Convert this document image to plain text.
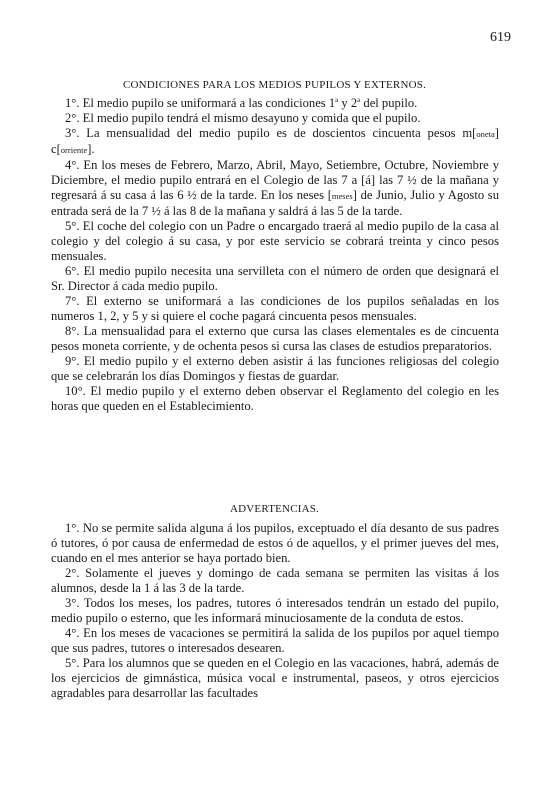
619
CONDICIONES PARA LOS MEDIOS PUPILOS Y EXTERNOS.

1°. El medio pupilo se uniformará a las condiciones 1$^a$ y 2$^a$ del pupilo.

2°. El medio pupilo tendrá el mismo desayuno y comida que el pupilo.

3°. La mensualidad del medio pupilo es de doscientos cincuenta pesos m[oneta] c[orriente].

4°. En los meses de Febrero, Marzo, Abril, Mayo, Setiembre, Octubre, Noviembre y Diciembre, el medio pupilo entrará en el Colegio de las 7 a [á] las 7 ½ de la mañana y regresará á su casa á las 6 ½ de la tarde. En los neses [meses] de Junio, Julio y Agosto su entrada será de la 7 ½ á las 8 de la mañana y saldrá á las 5 de la tarde.

5°. El coche del colegio con un Padre o encargado traerá al medio pupilo de la casa al colegio y del colegio á su casa, y por este servicio se cobrará treinta y cinco pesos mensuales.

6°. El medio pupilo necesita una servilleta con el número de orden que designará el Sr. Director á cada medio pupilo.

7°. El externo se uniformará a las condiciones de los pupilos señaladas en los numeros 1, 2, y 5 y si quiere el coche pagará cincuenta pesos mensuales.

8°. La mensualidad para el externo que cursa las clases elementales es de cincuenta pesos moneta corriente, y de ochenta pesos si cursa las clases de estudios preparatorios.

9°. El medio pupilo y el externo deben asistir á las funciones religiosas del colegio que se celebrarán los días Domingos y fiestas de guardar.

10°. El medio pupilo y el externo deben observar el Reglamento del colegio en les horas que queden en el Establecimiento.

ADVERTENCIAS.

1°. No se permite salida alguna á los pupilos, exceptuado el día desanto de sus padres ó tutores, ó por causa de enfermedad de estos ó de aquellos, y el primer jueves del mes, cuando en el mes anterior se haya portado bien.

2°. Solamente el jueves y domingo de cada semana se permiten las visitas á los alumnos, desde la 1 á las 3 de la tarde.

3°. Todos los meses, los padres, tutores ó interesados tendrán un estado del pupilo, medio pupilo o esterno, que les informará minuciosamente de la conduta de estos.

4°. En los meses de vacaciones se permitirá la salida de los pupilos por aquel tiempo que sus padres, tutores o interesados desearen.

5°. Para los alumnos que se queden en el Colegio en las vacaciones, habrá, además de los ejercicios de gimnástica, música vocal e instrumental, paseos, y otros ejercicios agradables para desarrollar las facultades
